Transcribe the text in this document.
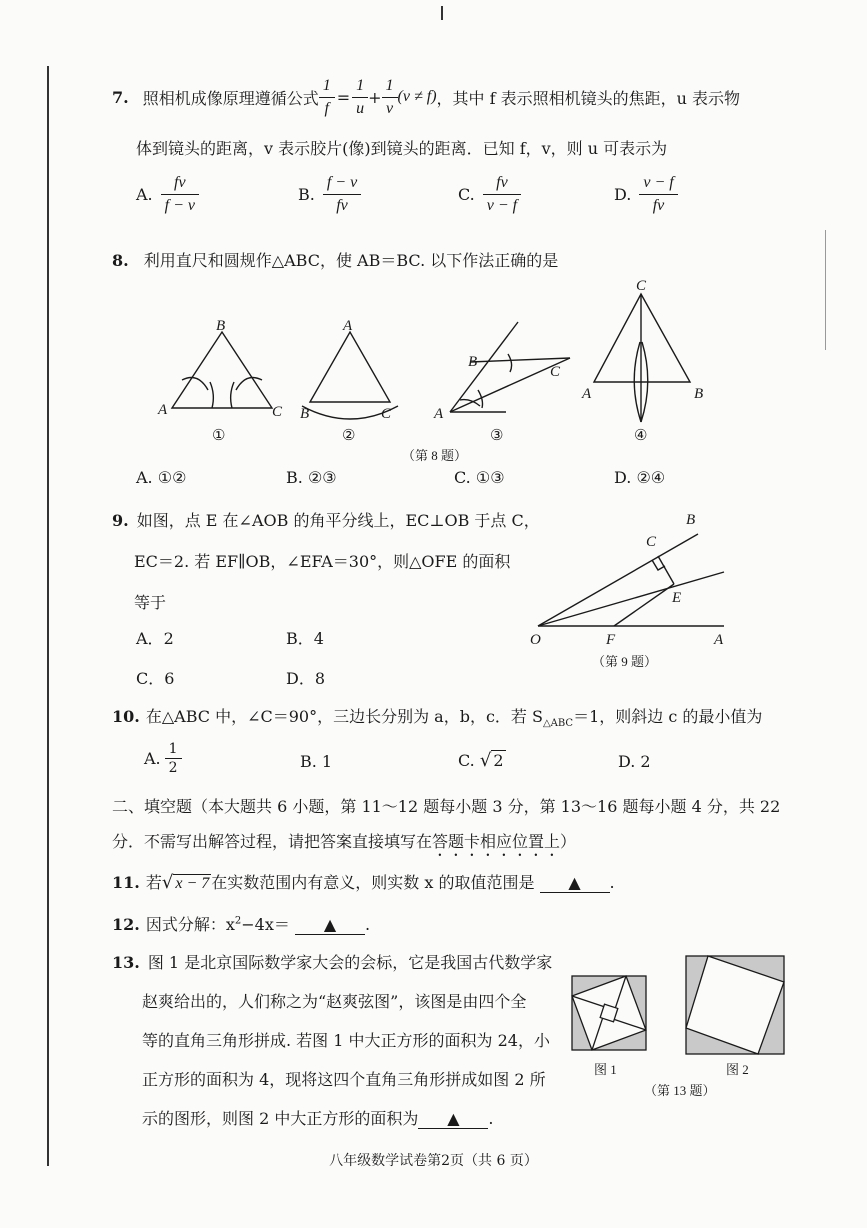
7. 照相机成像原理遵循公式 $\frac{1}{f} = \frac{1}{u} + \frac{1}{v} (v \ne f)$ ，其中 f 表示照相机镜头的焦距，u 表示物
体到镜头的距离，v 表示胶片(像)到镜头的距离．已知 f，v，则 u 可表示为
A. $\frac{fv}{f - v}$	B. $\frac{f - v}{fv}$	C. $\frac{fv}{v - f}$	D. $\frac{v - f}{fv}$
8. 利用直尺和圆规作△ABC，使 AB＝BC. 以下作法正确的是
A
B
C
①
A
B	C
②
B
C
A
③
C
A	B
④
（第 8 题）
A. ①②	B. ②③	C. ①③	D. ②④
9. 如图，点 E 在∠AOB 的角平分线上，EC⊥OB 于点 C，
EC＝2. 若 EF∥OB，∠EFA＝30°，则△OFE 的面积
等于
A．2	B．4
C．6	D．8
O	F	A
E
C
B
（第 9 题）
10. 在△ABC 中，∠C＝90°，三边长分别为 a，b，c．若 $S_{\triangle ABC}=1$，则斜边 c 的最小值为
A. $\frac{1}{2}$	B. 1	C. √ 2	D. 2
二、填空题（本大题共 6 小题，第 11～12 题每小题 3 分，第 13～16 题每小题 4 分，共 22
分．不需写出解答过程，请把答案直接填写在答题卡相应位置上）
11. 若√ x − 7 在实数范围内有意义，则实数 x 的取值范围是 ▲ .
12. 因式分解：$x^2-4x=$ ▲ .
13. 图 1 是北京国际数学家大会的会标，它是我国古代数学家
赵爽给出的，人们称之为“赵爽弦图”，该图是由四个全
等的直角三角形拼成. 若图 1 中大正方形的面积为 24，小
正方形的面积为 4，现将这四个直角三角形拼成如图 2 所
示的图形，则图 2 中大正方形的面积为 ▲ .
图 1	图 2
（第 13 题）
八年级数学试卷第2页（共 6 页）
